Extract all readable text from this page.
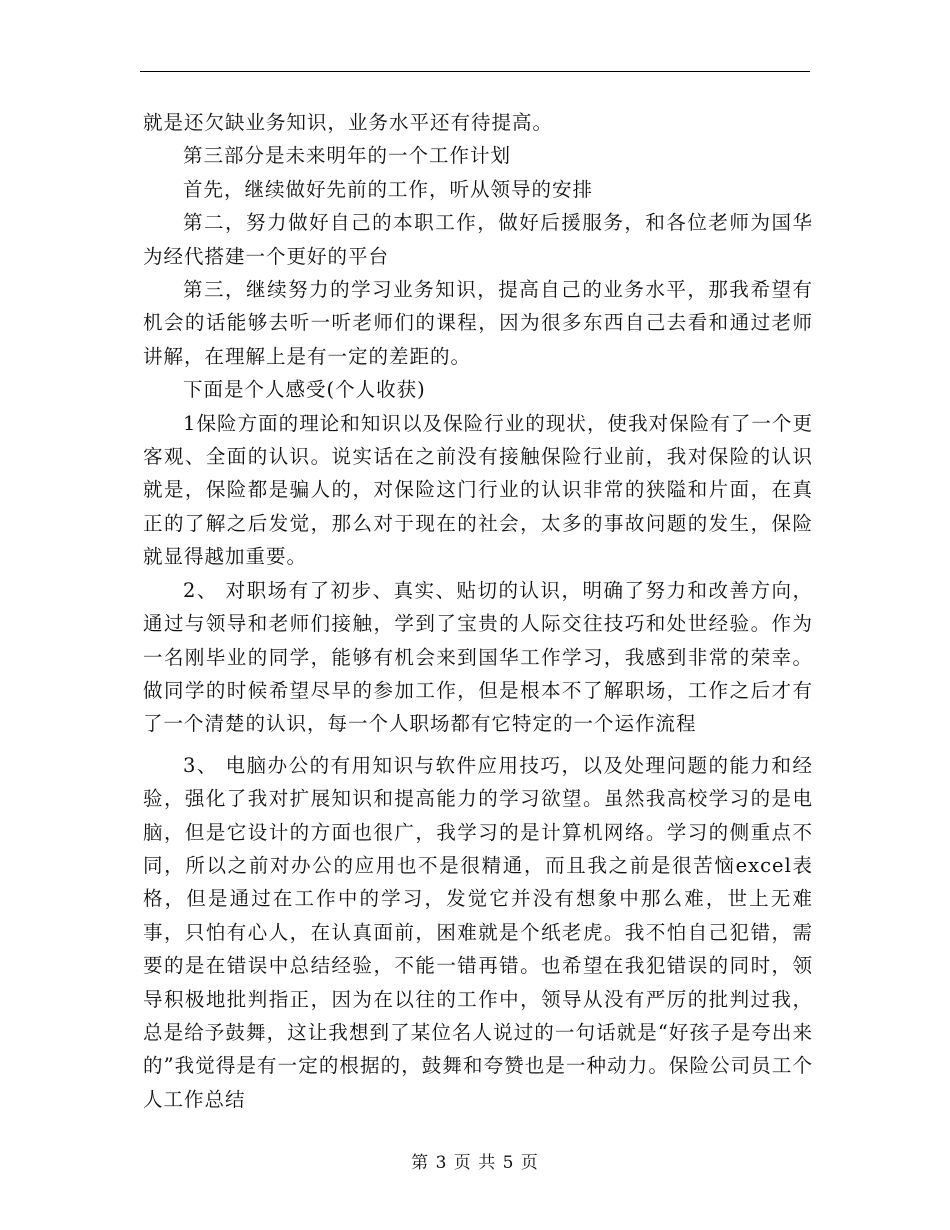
就是还欠缺业务知识，业务水平还有待提高。

第三部分是未来明年的一个工作计划

首先，继续做好先前的工作，听从领导的安排

第二，努力做好自己的本职工作，做好后援服务，和各位老师为国华为经代搭建一个更好的平台

第三，继续努力的学习业务知识，提高自己的业务水平，那我希望有机会的话能够去听一听老师们的课程，因为很多东西自己去看和通过老师讲解，在理解上是有一定的差距的。

下面是个人感受(个人收获)

1保险方面的理论和知识以及保险行业的现状，使我对保险有了一个更客观、全面的认识。说实话在之前没有接触保险行业前，我对保险的认识就是，保险都是骗人的，对保险这门行业的认识非常的狭隘和片面，在真正的了解之后发觉，那么对于现在的社会，太多的事故问题的发生，保险就显得越加重要。

2、 对职场有了初步、真实、贴切的认识，明确了努力和改善方向，通过与领导和老师们接触，学到了宝贵的人际交往技巧和处世经验。作为一名刚毕业的同学，能够有机会来到国华工作学习，我感到非常的荣幸。做同学的时候希望尽早的参加工作，但是根本不了解职场，工作之后才有了一个清楚的认识，每一个人职场都有它特定的一个运作流程

3、 电脑办公的有用知识与软件应用技巧，以及处理问题的能力和经验，强化了我对扩展知识和提高能力的学习欲望。虽然我高校学习的是电脑，但是它设计的方面也很广，我学习的是计算机网络。学习的侧重点不同，所以之前对办公的应用也不是很精通，而且我之前是很苦恼excel表格，但是通过在工作中的学习，发觉它并没有想象中那么难，世上无难事，只怕有心人，在认真面前，困难就是个纸老虎。我不怕自己犯错，需要的是在错误中总结经验，不能一错再错。也希望在我犯错误的同时，领导积极地批判指正，因为在以往的工作中，领导从没有严厉的批判过我，总是给予鼓舞，这让我想到了某位名人说过的一句话就是“好孩子是夸出来的”我觉得是有一定的根据的，鼓舞和夸赞也是一种动力。保险公司员工个人工作总结

第 3 页 共 5 页
